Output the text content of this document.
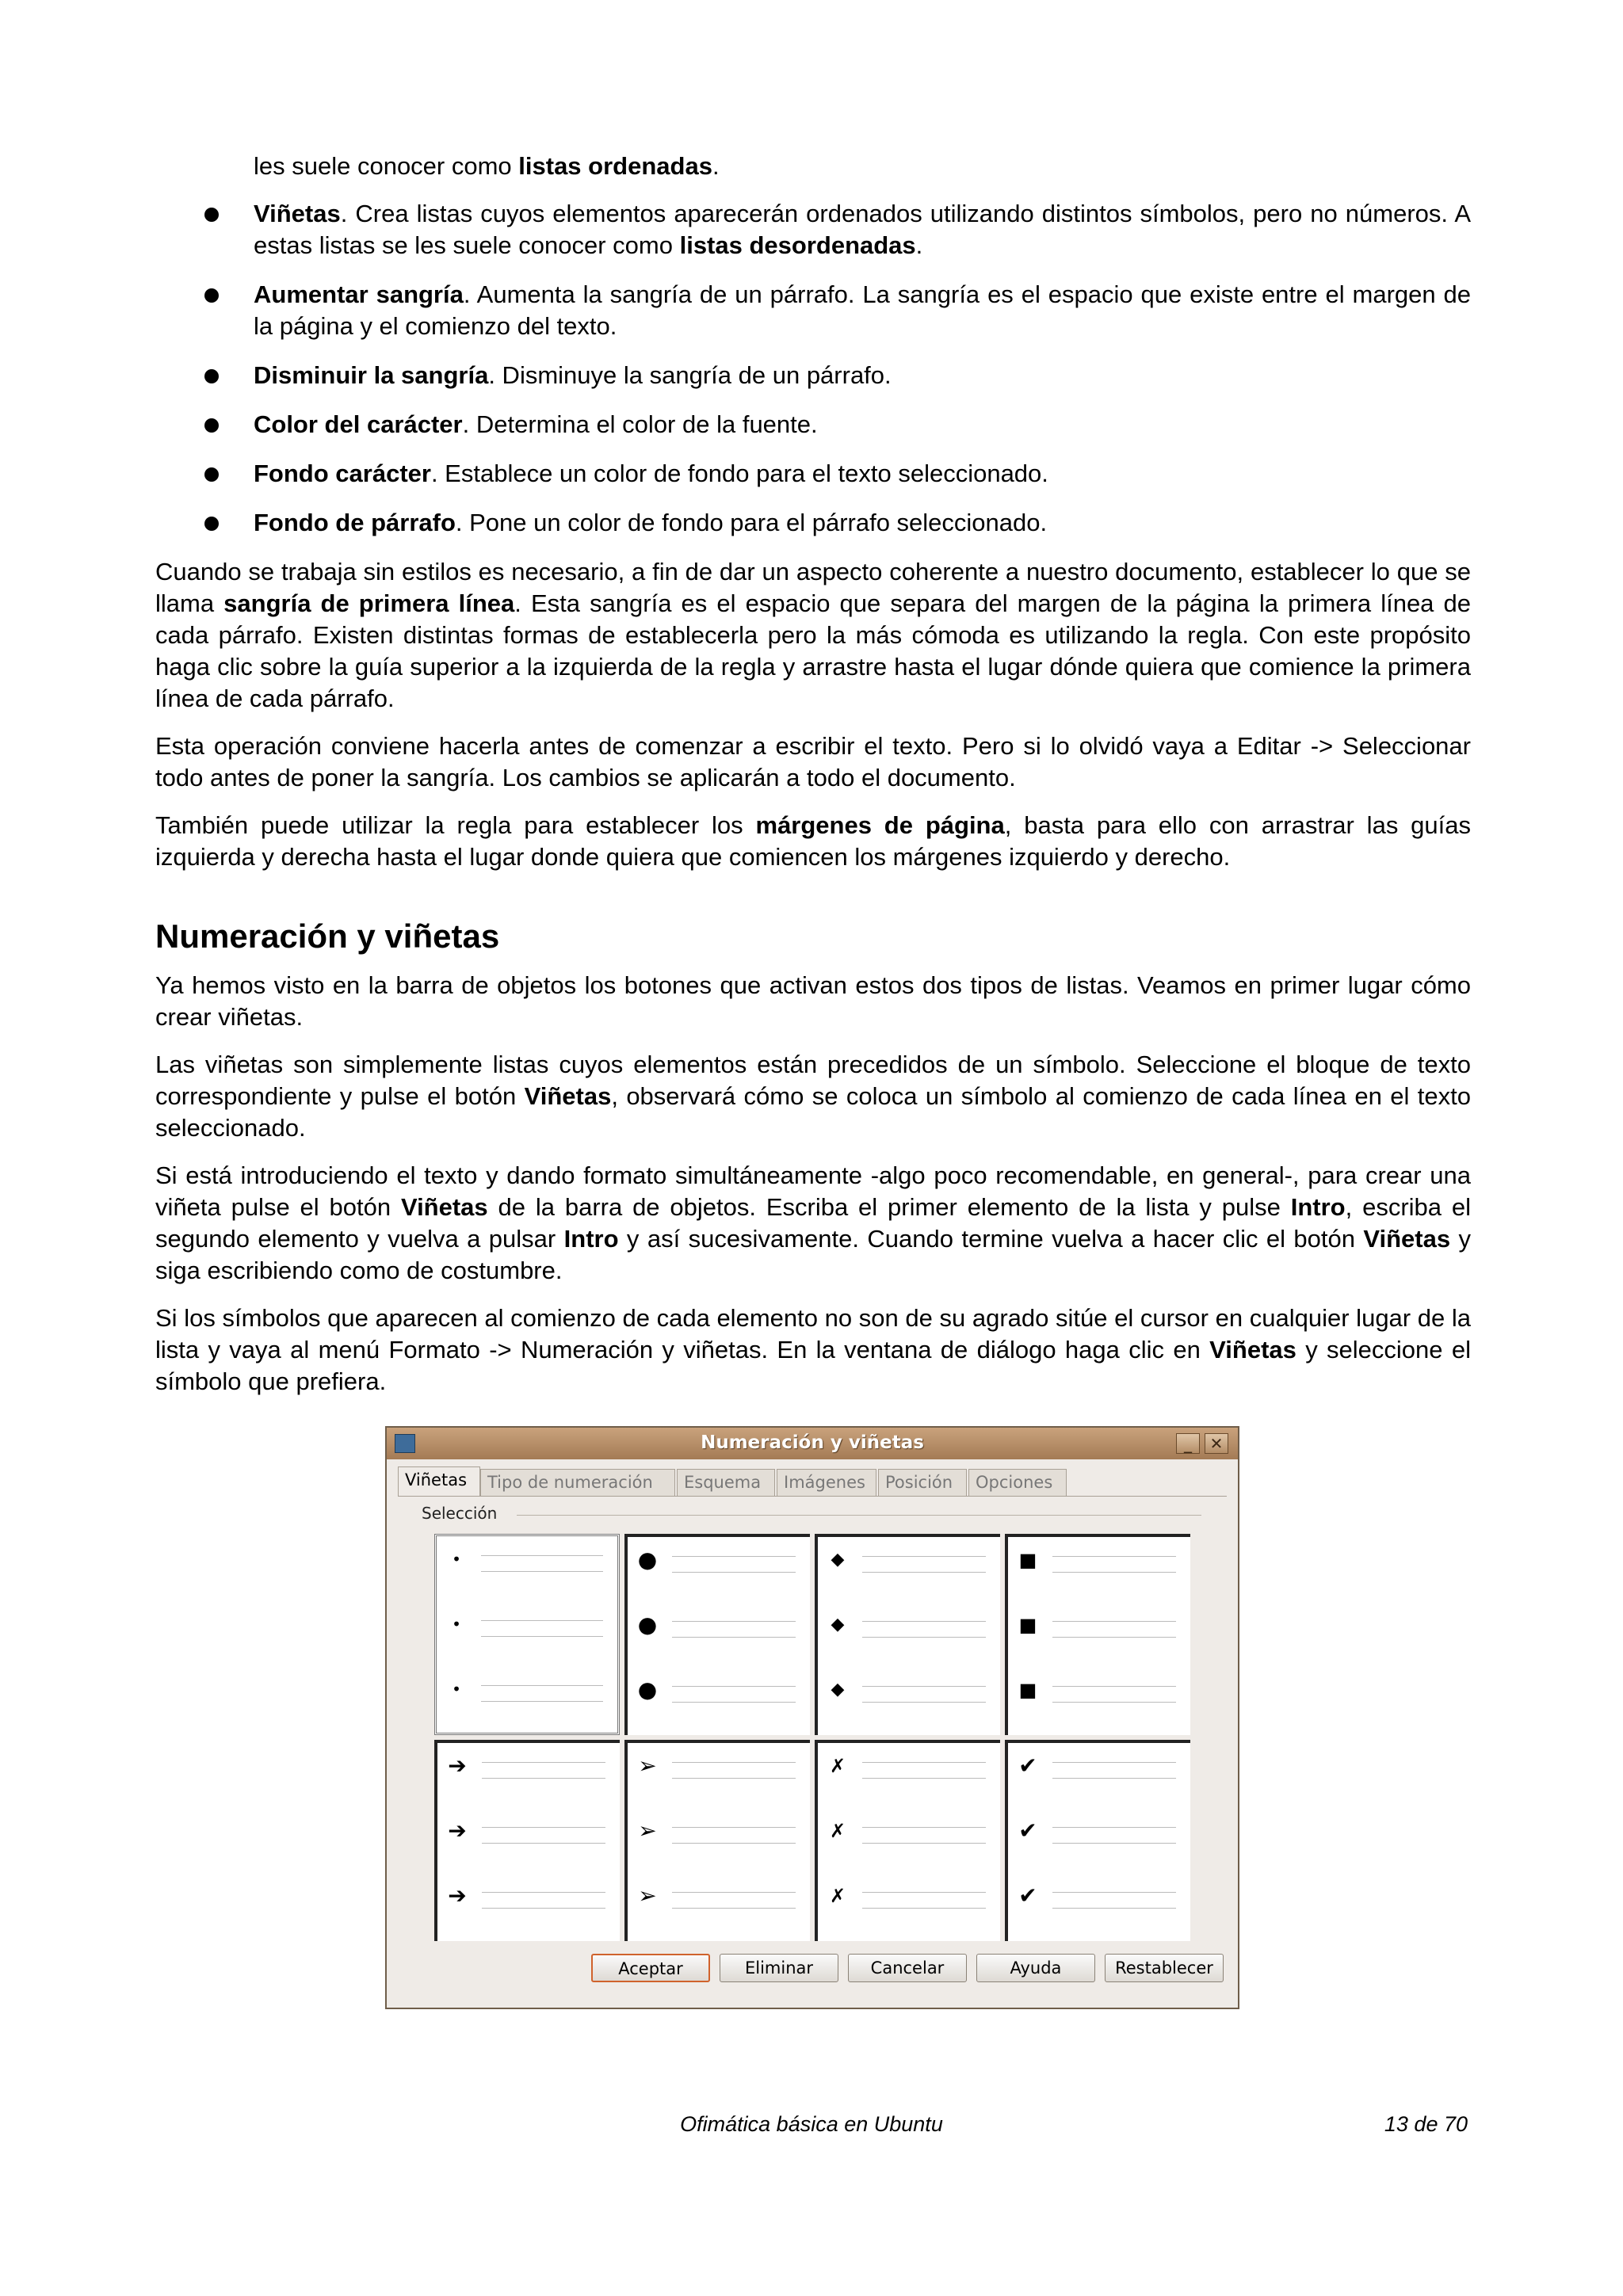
les suele conocer como listas ordenadas.
Viñetas. Crea listas cuyos elementos aparecerán ordenados utilizando distintos símbolos, pero no números. A estas listas se les suele conocer como listas desordenadas.
Aumentar sangría. Aumenta la sangría de un párrafo. La sangría es el espacio que existe entre el margen de la página y el comienzo del texto.
Disminuir la sangría. Disminuye la sangría de un párrafo.
Color del carácter. Determina el color de la fuente.
Fondo carácter. Establece un color de fondo para el texto seleccionado.
Fondo de párrafo. Pone un color de fondo para el párrafo seleccionado.

Cuando se trabaja sin estilos es necesario, a fin de dar un aspecto coherente a nuestro documento, establecer lo que se llama sangría de primera línea. Esta sangría es el espacio que separa del margen de la página la primera línea de cada párrafo. Existen distintas formas de establecerla pero la más cómoda es utilizando la regla. Con este propósito haga clic sobre la guía superior a la izquierda de la regla y arrastre hasta el lugar dónde quiera que comience la primera línea de cada párrafo.

Esta operación conviene hacerla antes de comenzar a escribir el texto. Pero si lo olvidó vaya a Editar -> Seleccionar todo antes de poner la sangría. Los cambios se aplicarán a todo el documento.

También puede utilizar la regla para establecer los márgenes de página, basta para ello con arrastrar las guías izquierda y derecha hasta el lugar donde quiera que comiencen los márgenes izquierdo y derecho.

Numeración y viñetas

Ya hemos visto en la barra de objetos los botones que activan estos dos tipos de listas. Veamos en primer lugar cómo crear viñetas.

Las viñetas son simplemente listas cuyos elementos están precedidos de un símbolo. Seleccione el bloque de texto correspondiente y pulse el botón Viñetas, observará cómo se coloca un símbolo al comienzo de cada línea en el texto seleccionado.

Si está introduciendo el texto y dando formato simultáneamente -algo poco recomendable, en general-, para crear una viñeta pulse el botón Viñetas de la barra de objetos. Escriba el primer elemento de la lista y pulse Intro, escriba el segundo elemento y vuelva a pulsar Intro y así sucesivamente. Cuando termine vuelva a hacer clic el botón Viñetas y siga escribiendo como de costumbre.

Si los símbolos que aparecen al comienzo de cada elemento no son de su agrado sitúe el cursor en cualquier lugar de la lista y vaya al menú Formato -> Numeración y viñetas. En la ventana de diálogo haga clic en Viñetas y seleccione el símbolo que prefiera.

Numeración y viñetas	_	✕
Viñetas	Tipo de numeración	Esquema	Imágenes	Posición	Opciones
Selección
•
•
•
●
●
●
◆
◆
◆
■
■
■
➔
➔
➔
➢
➢
➢
✗
✗
✗
✔
✔
✔
Aceptar	Eliminar	Cancelar	Ayuda	Restablecer
Ofimática básica en Ubuntu	13 de 70
